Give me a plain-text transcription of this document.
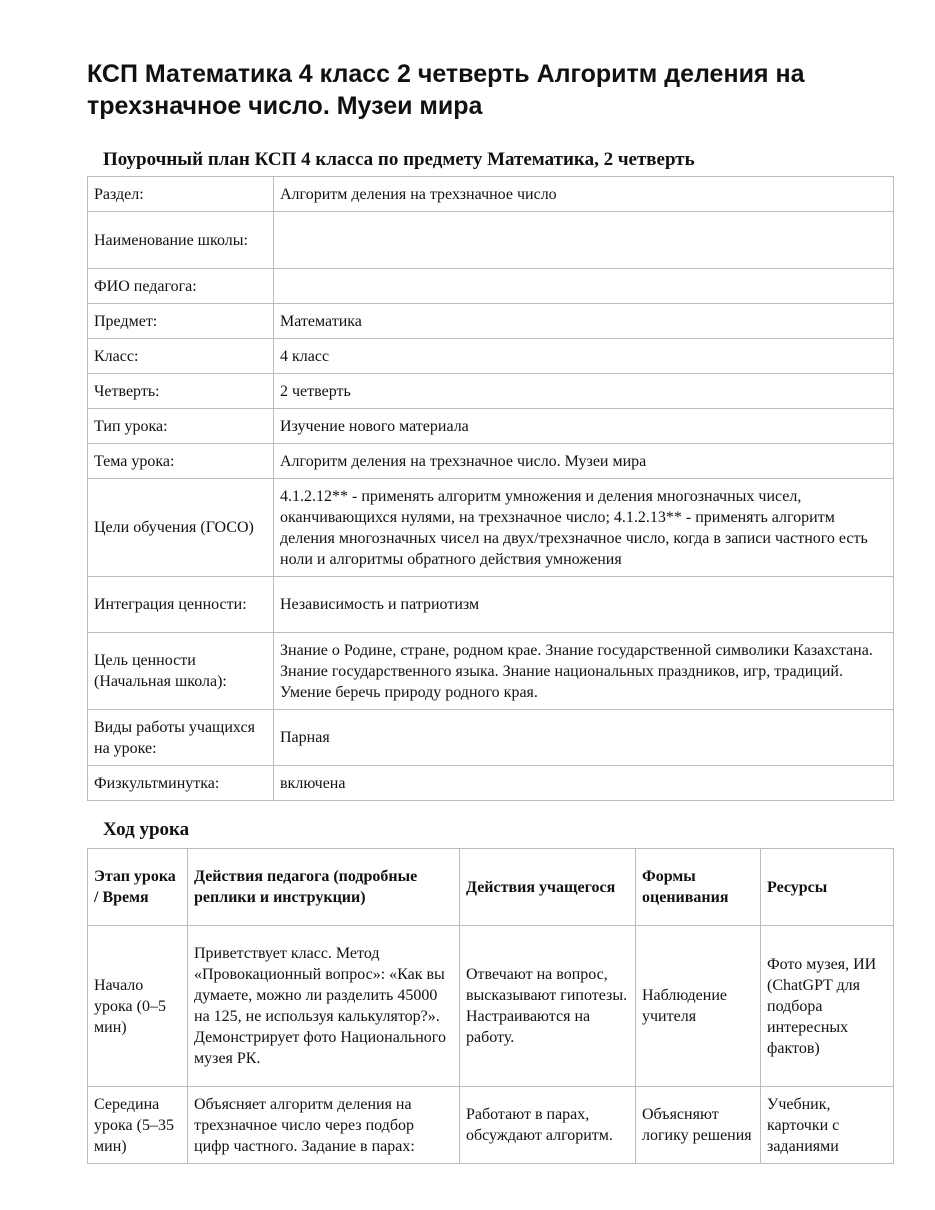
КСП Математика 4 класс 2 четверть Алгоритм деления на трехзначное число. Музеи мира
Поурочный план КСП 4 класса по предмету Математика, 2 четверть
Раздел:	Алгоритм деления на трехзначное число
Наименование школы:	
ФИО педагога:	
Предмет:	Математика
Класс:	4 класс
Четверть:	2 четверть
Тип урока:	Изучение нового материала
Тема урока:	Алгоритм деления на трехзначное число. Музеи мира
Цели обучения (ГОСО)	4.1.2.12** - применять алгоритм умножения и деления многозначных чисел, оканчивающихся нулями, на трехзначное число; 4.1.2.13** - применять алгоритм деления многозначных чисел на двух/трехзначное число, когда в записи частного есть ноли и алгоритмы обратного действия умножения
Интеграция ценности:	Независимость и патриотизм
Цель ценности (Начальная школа):	Знание о Родине, стране, родном крае. Знание государственной символики Казахстана. Знание государственного языка. Знание национальных праздников, игр, традиций. Умение беречь природу родного края.
Виды работы учащихся на уроке:	Парная
Физкультминутка:	включена
Ход урока
Этап урока / Время	Действия педагога (подробные реплики и инструкции)	Действия учащегося	Формы оценивания	Ресурсы
Начало урока (0–5 мин)	Приветствует класс. Метод «Провокационный вопрос»: «Как вы думаете, можно ли разделить 45000 на 125, не используя калькулятор?». Демонстрирует фото Национального музея РК.	Отвечают на вопрос, высказывают гипотезы. Настраиваются на работу.	Наблюдение учителя	Фото музея, ИИ (ChatGPT для подбора интересных фактов)
Середина урока (5–35 мин)	Объясняет алгоритм деления на трехзначное число через подбор цифр частного. Задание в парах:	Работают в парах, обсуждают алгоритм.	Объясняют логику решения	Учебник, карточки с заданиями
